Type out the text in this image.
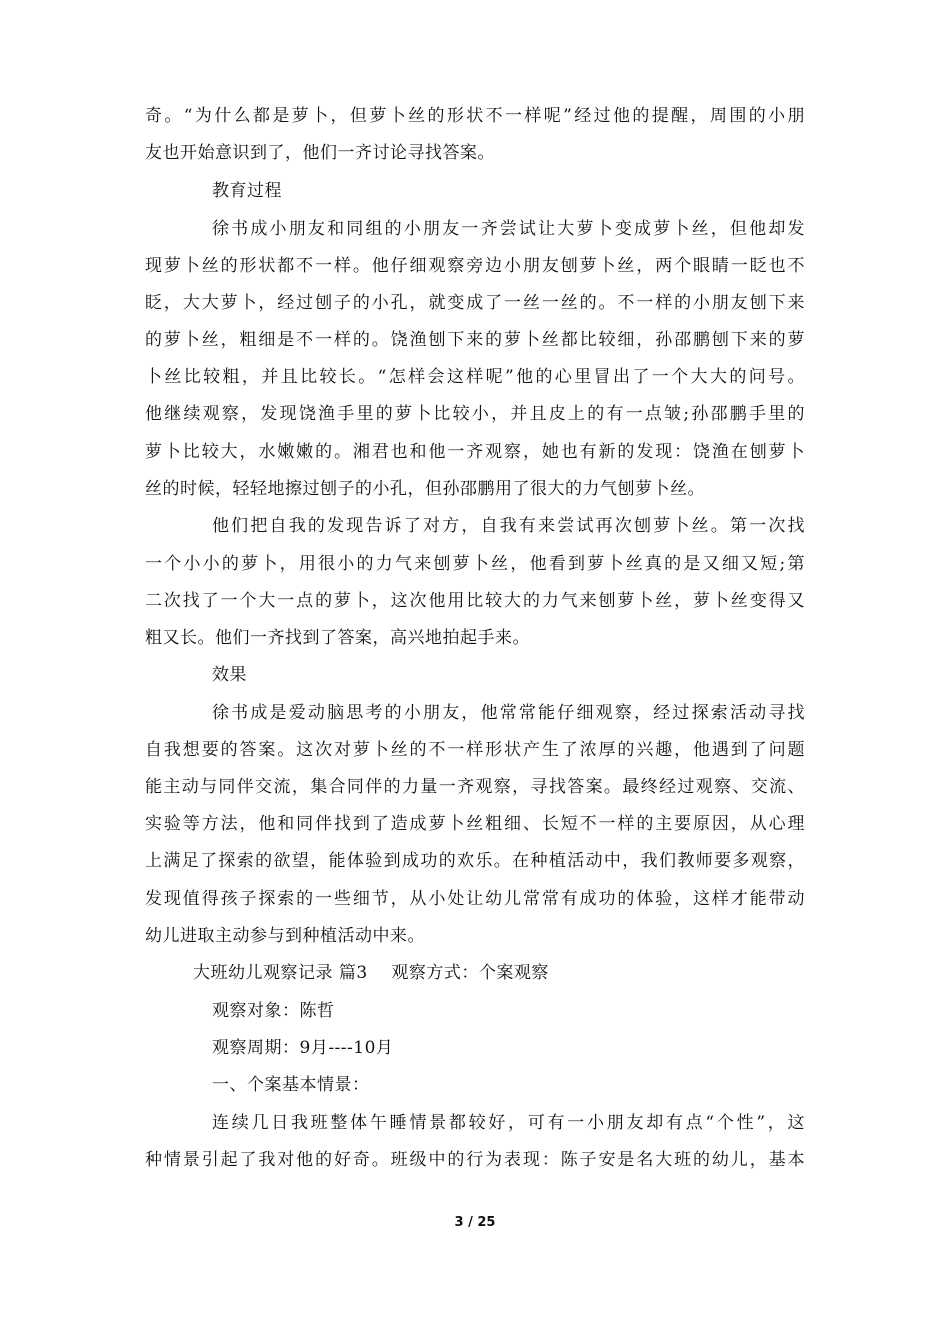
奇。“为什么都是萝卜，但萝卜丝的形状不一样呢”经过他的提醒，周围的小朋
友也开始意识到了，他们一齐讨论寻找答案。
教育过程
徐书成小朋友和同组的小朋友一齐尝试让大萝卜变成萝卜丝，但他却发
现萝卜丝的形状都不一样。他仔细观察旁边小朋友刨萝卜丝，两个眼睛一眨也不
眨，大大萝卜，经过刨子的小孔，就变成了一丝一丝的。不一样的小朋友刨下来
的萝卜丝，粗细是不一样的。饶渔刨下来的萝卜丝都比较细，孙邵鹏刨下来的萝
卜丝比较粗，并且比较长。“怎样会这样呢”他的心里冒出了一个大大的问号。
他继续观察，发现饶渔手里的萝卜比较小，并且皮上的有一点皱;孙邵鹏手里的
萝卜比较大，水嫩嫩的。湘君也和他一齐观察，她也有新的发现：饶渔在刨萝卜
丝的时候，轻轻地擦过刨子的小孔，但孙邵鹏用了很大的力气刨萝卜丝。
他们把自我的发现告诉了对方，自我有来尝试再次刨萝卜丝。第一次找
一个小小的萝卜，用很小的力气来刨萝卜丝，他看到萝卜丝真的是又细又短;第
二次找了一个大一点的萝卜，这次他用比较大的力气来刨萝卜丝，萝卜丝变得又
粗又长。他们一齐找到了答案，高兴地拍起手来。
效果
徐书成是爱动脑思考的小朋友，他常常能仔细观察，经过探索活动寻找
自我想要的答案。这次对萝卜丝的不一样形状产生了浓厚的兴趣，他遇到了问题
能主动与同伴交流，集合同伴的力量一齐观察，寻找答案。最终经过观察、交流、
实验等方法，他和同伴找到了造成萝卜丝粗细、长短不一样的主要原因，从心理
上满足了探索的欲望，能体验到成功的欢乐。在种植活动中，我们教师要多观察，
发现值得孩子探索的一些细节，从小处让幼儿常常有成功的体验，这样才能带动
幼儿进取主动参与到种植活动中来。
大班幼儿观察记录 篇3    观察方式：个案观察
观察对象：陈哲
观察周期：9月----10月
一、个案基本情景：
连续几日我班整体午睡情景都较好，可有一小朋友却有点“个性”，这
种情景引起了我对他的好奇。班级中的行为表现：陈子安是名大班的幼儿，基本
3 / 25
